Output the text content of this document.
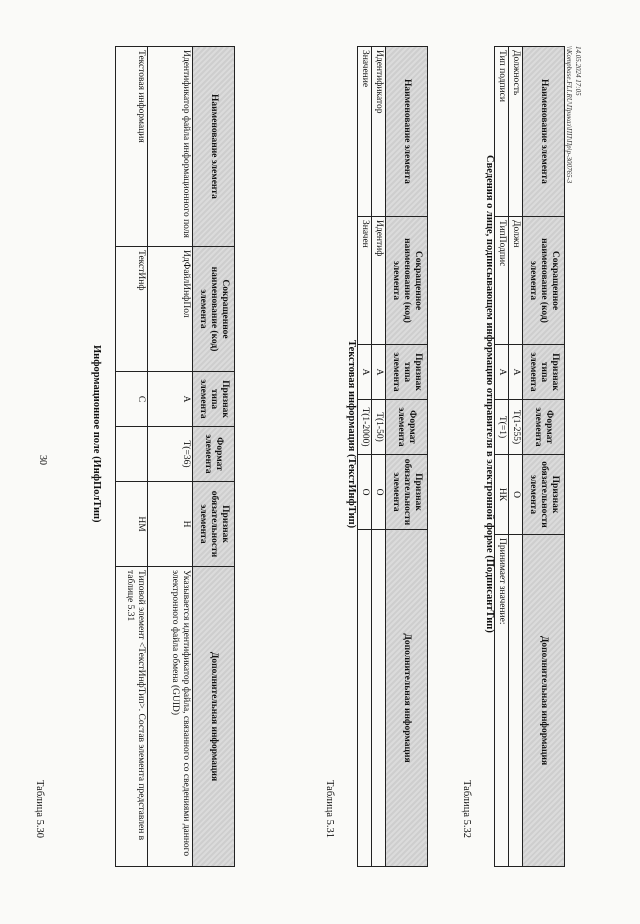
30
14.05.2024 17:05
\\Kompbase.FLI.RU\Приказ\ПП\Пр\р-300765-3
Таблица 5.30
Информационное поле (ИнфПолТип)
Наименование элемента	Сокращенное наименование (код) элемента	Признак типа элемента	Формат элемента	Признак обязательности элемента	Дополнительная информация
Идентификатор файла информационного поля	ИдФайлИнфПол	А	T(=36)	Н	Указывается идентификатор файла, связанного со сведениями данного электронного файла обмена (GUID)
Текстовая информация	ТекстИнф	С		НМ	Типовой элемент <ТекстИнфТип>. Состав элемента представлен в таблице 5.31
Таблица 5.31
Текстовая информация (ТекстИнфТип)
Наименование элемента	Сокращенное наименование (код) элемента	Признак типа элемента	Формат элемента	Признак обязательности элемента	Дополнительная информация
Идентификатор	Идентиф	А	T(1-50)	О	
Значение	Значен	А	T(1-2000)	О	
Таблица 5.32
Сведения о лице, подписывающем информацию отправителя в электронной форме (ПодписантТип)
Наименование элемента	Сокращенное наименование (код) элемента	Признак типа элемента	Формат элемента	Признак обязательности элемента	Дополнительная информация
Должность	Должн	А	T(1-255)	О	
Тип подписи	ТипПодпис	А	T(=1)	НК	Принимает значение:
